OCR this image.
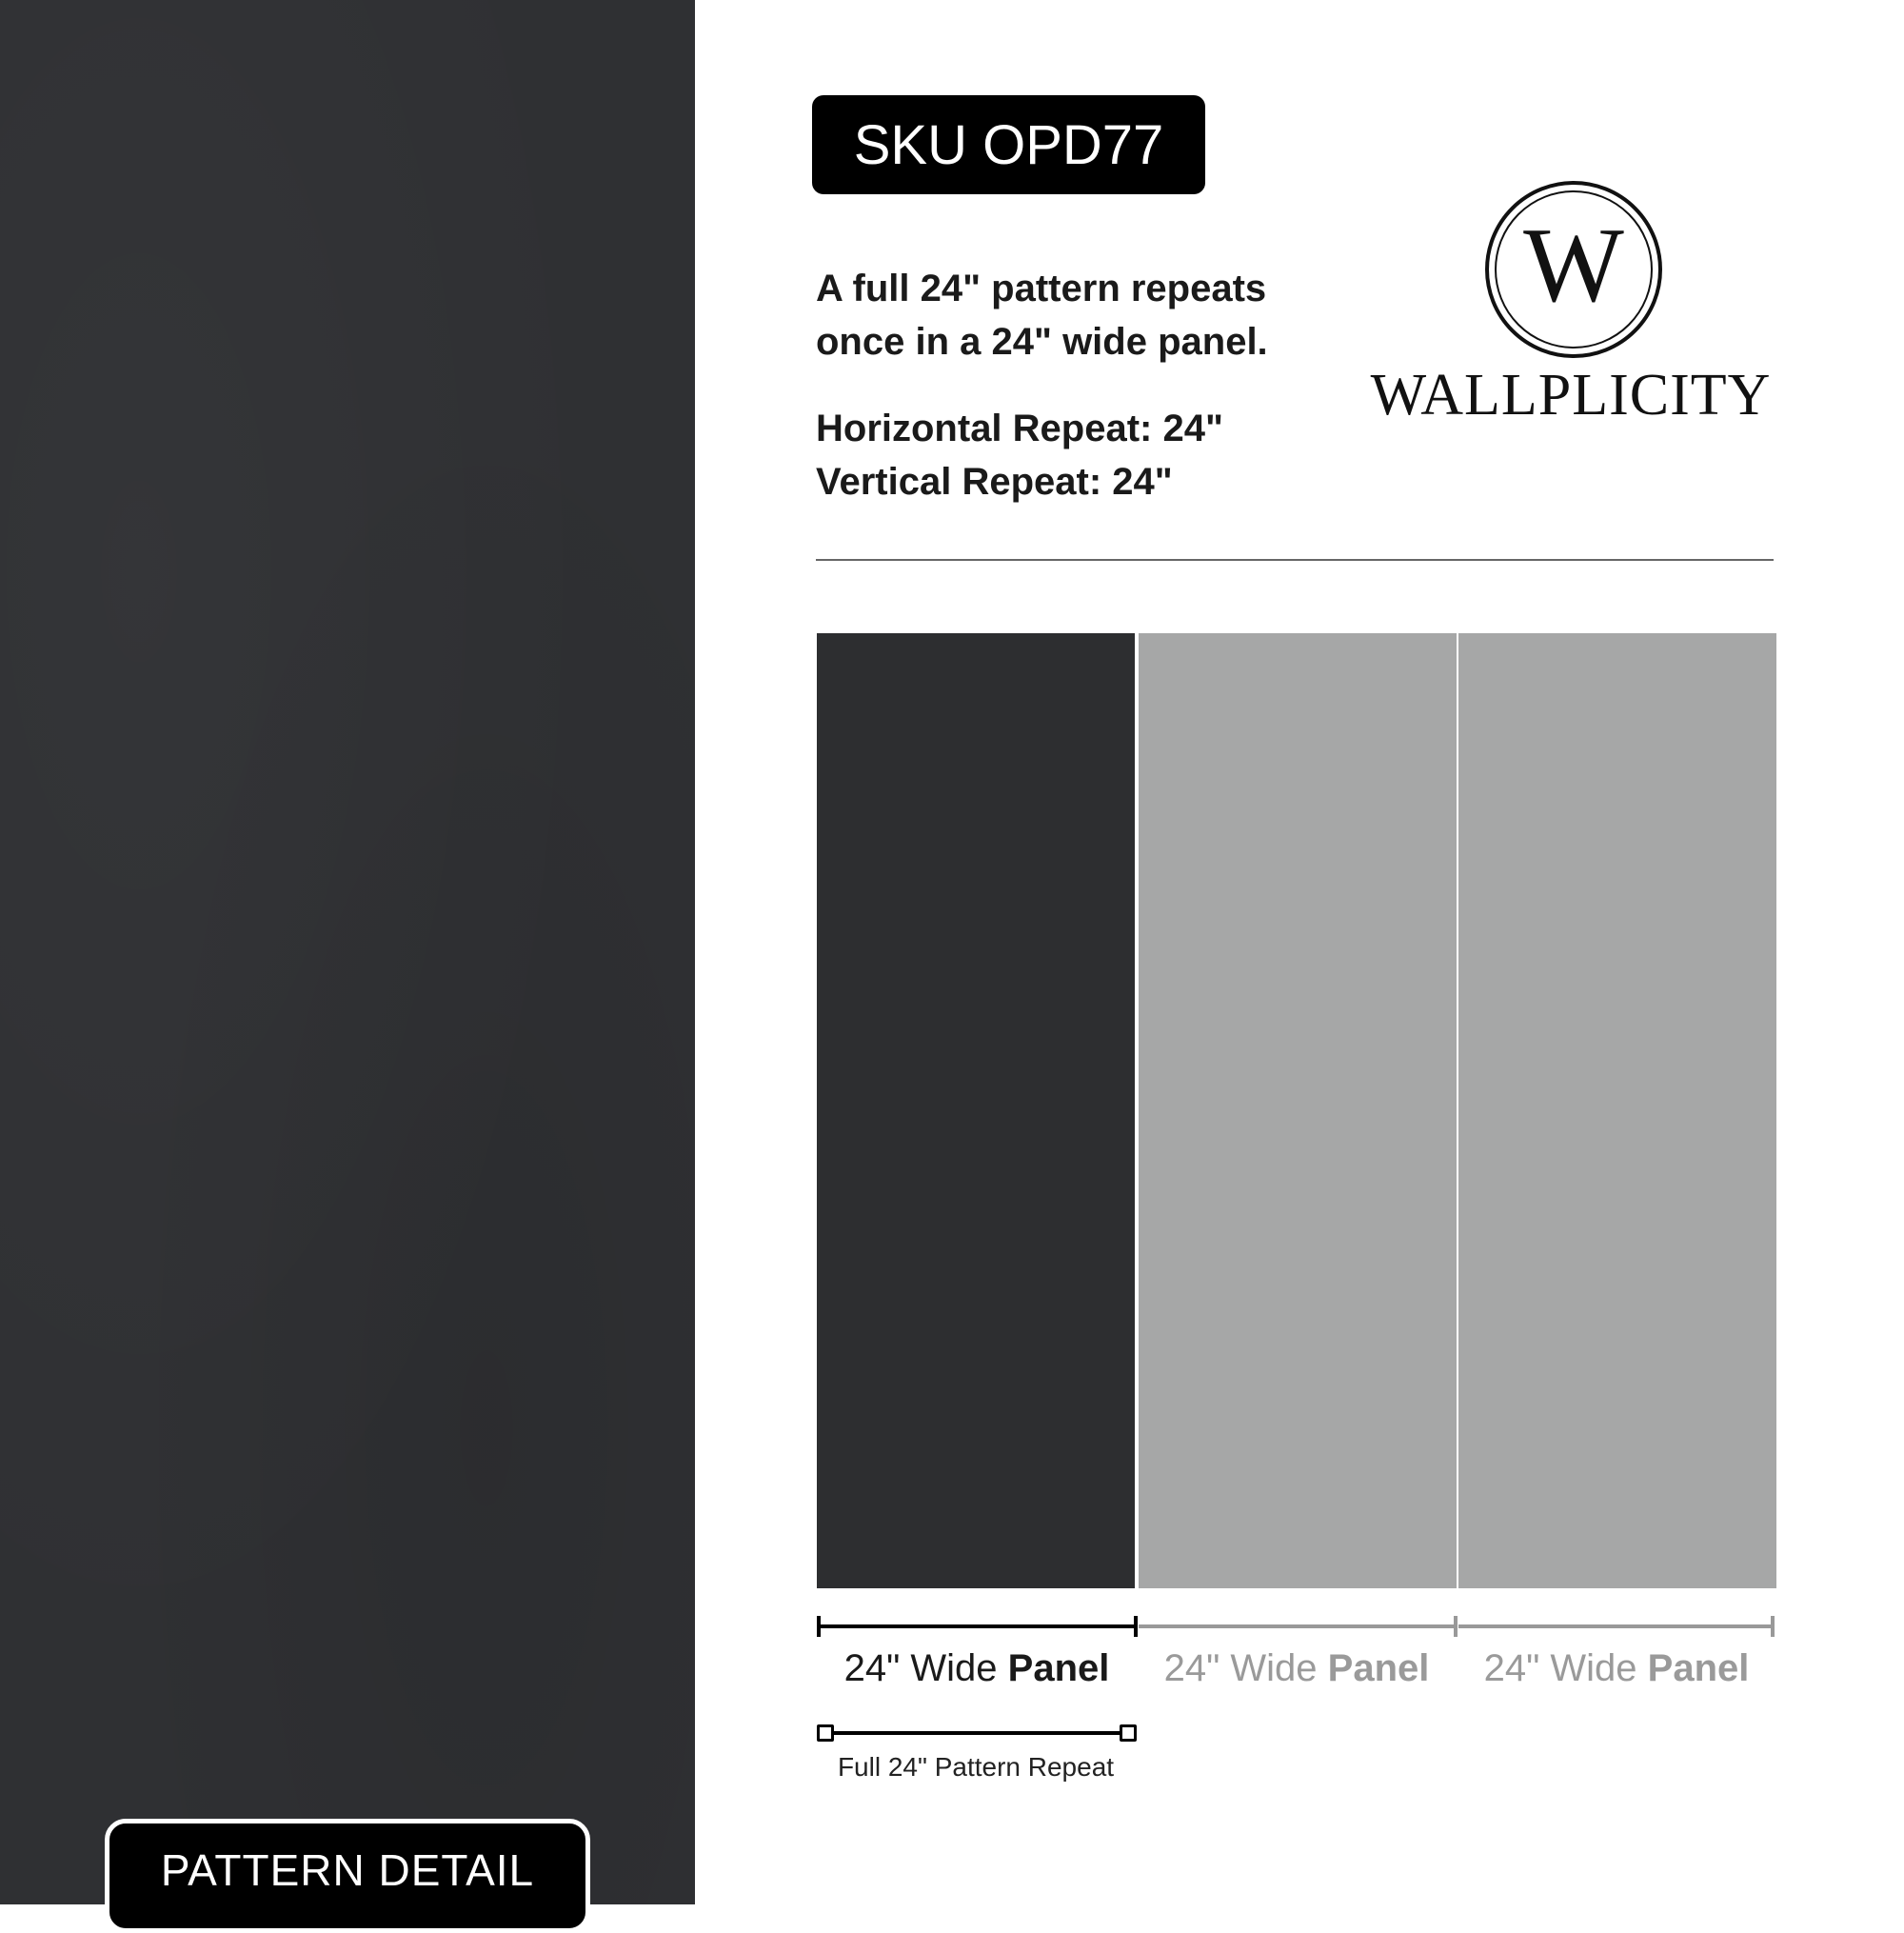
PATTERN DETAIL
SKU OPD77

A full 24" pattern repeats
once in a 24" wide panel.

Horizontal Repeat: 24"
Vertical Repeat: 24"
W
WALLPLICITY
24" Wide Panel	24" Wide Panel	24" Wide Panel
Full 24" Pattern Repeat
